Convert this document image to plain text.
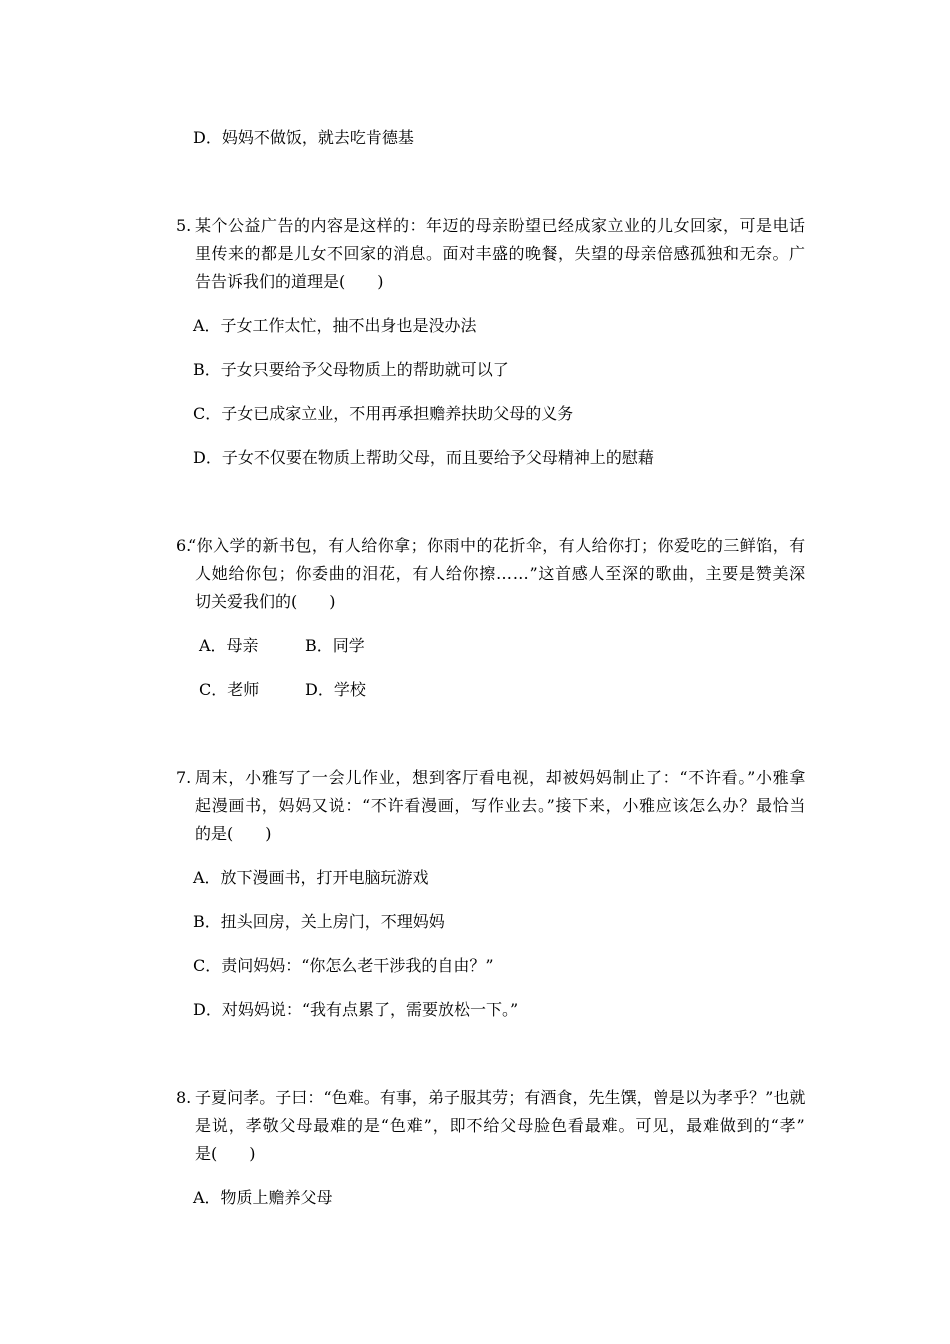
D．妈妈不做饭，就去吃肯德基
5. 某个公益广告的内容是这样的：年迈的母亲盼望已经成家立业的儿女回家，可是电话
里传来的都是儿女不回家的消息。面对丰盛的晚餐，失望的母亲倍感孤独和无奈。广
告告诉我们的道理是(　　)
A．子女工作太忙，抽不出身也是没办法
B．子女只要给予父母物质上的帮助就可以了
C．子女已成家立业，不用再承担赡养扶助父母的义务
D．子女不仅要在物质上帮助父母，而且要给予父母精神上的慰藉
6.
“你入学的新书包，有人给你拿；你雨中的花折伞，有人给你打；你爱吃的三鲜馅，有
人她给你包；你委曲的泪花，有人给你擦……”这首感人至深的歌曲，主要是赞美深
切关爱我们的(　　)
A．母亲	B．同学
C．老师	D．学校
7. 周末，小雅写了一会儿作业，想到客厅看电视，却被妈妈制止了：“不许看。”小雅拿
起漫画书，妈妈又说：“不许看漫画，写作业去。”接下来，小雅应该怎么办？最恰当
的是(　　)
A．放下漫画书，打开电脑玩游戏
B．扭头回房，关上房门，不理妈妈
C．责问妈妈：“你怎么老干涉我的自由？”
D．对妈妈说：“我有点累了，需要放松一下。”
8. 子夏问孝。子曰：“色难。有事，弟子服其劳；有酒食，先生馔，曾是以为孝乎？”也就
是说，孝敬父母最难的是“色难”，即不给父母脸色看最难。可见，最难做到的“孝”
是(　　)
A．物质上赡养父母
